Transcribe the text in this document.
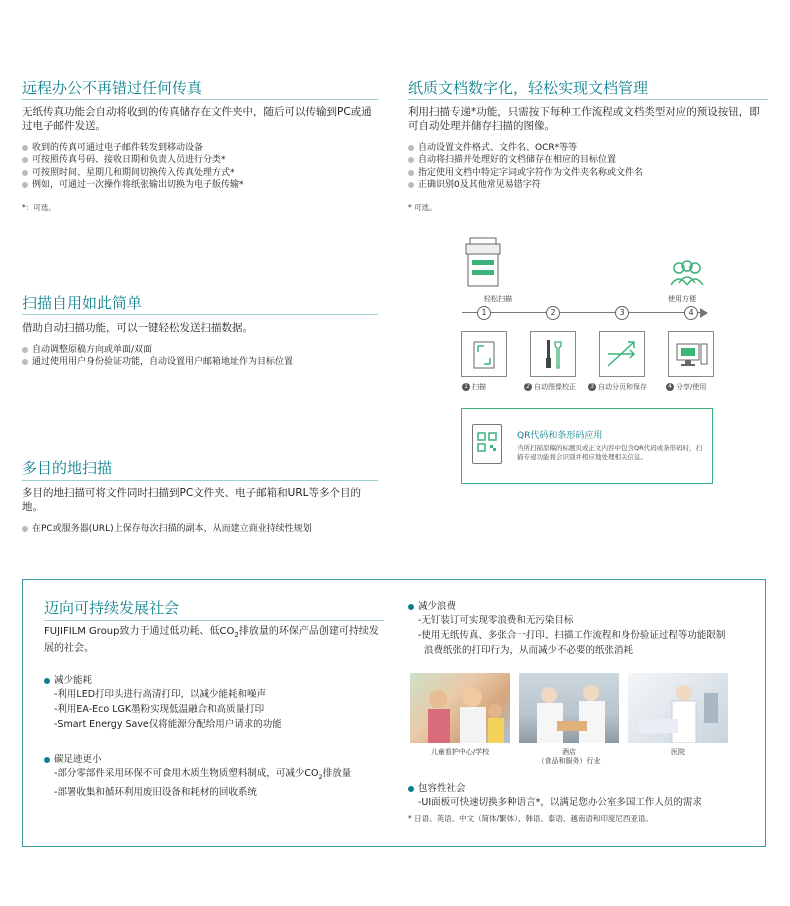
远程办公不再错过任何传真
无纸传真功能会自动将收到的传真储存在文件夹中，随后可以传输到PC或通过电子邮件发送。
收到的传真可通过电子邮件转发到移动设备
可按照传真号码、接收日期和负责人员进行分类*
可按照时间、星期几和期间切换传入传真处理方式*
例如，可通过一次操作将纸张输出切换为电子版传输*
*：可选。
扫描自用如此简单
借助自动扫描功能，可以一键轻松发送扫描数据。
自动调整原稿方向或单面/双面
通过使用用户身份验证功能，自动设置用户邮箱地址作为目标位置
多目的地扫描
多目的地扫描可将文件同时扫描到PC文件夹、电子邮箱和URL等多个目的地。
在PC或服务器(URL)上保存每次扫描的副本，从而建立商业持续性规划
纸质文档数字化，轻松实现文档管理
利用扫描专递*功能，只需按下每种工作流程或文档类型对应的预设按钮，即可自动处理并储存扫描的图像。
自动设置文件格式、文件名、OCR*等等
自动将扫描并处理好的文档储存在相应的目标位置
指定使用文档中特定字词或字符作为文件夹名称或文件名
正确识别0及其他常见易错字符
* 可选。
轻松扫描	使用方便
1	2	3	4
1 扫描	2 自动图像校正	3 自动分页和保存	4 分享/使用
QR代码和条形码应用
当所扫描原稿的标题页或正文内容中包含QR代码或条形码时，扫描专递功能将会识别并相应地处理相关信息。
迈向可持续发展社会
FUJIFILM Group致力于通过低功耗、低$CO_2$排放量的环保产品创建可持续发展的社会。
减少能耗
-利用LED打印头进行高清打印，以减少能耗和噪声
-利用EA-Eco LGK墨粉实现低温融合和高质量打印
-Smart Energy Save仅将能源分配给用户请求的功能
碳足迹更小
-部分零部件采用环保不可食用木质生物质塑料制成，可减少$CO_2$排放量
-部署收集和循环利用废旧设备和耗材的回收系统
减少浪费
-无钉装订可实现零浪费和无污染目标
-使用无纸传真、多张合一打印、扫描工作流程和身份验证过程等功能限制
浪费纸张的打印行为，从而减少不必要的纸张消耗
儿童看护中心/学校	酒店
（食品和服务）行业
医院
包容性社会
-UI面板可快速切换多种语言*，以满足您办公室多国工作人员的需求
* 日语、英语、中文（简体/繁体）、韩语、泰语、越南语和印度尼西亚语。
